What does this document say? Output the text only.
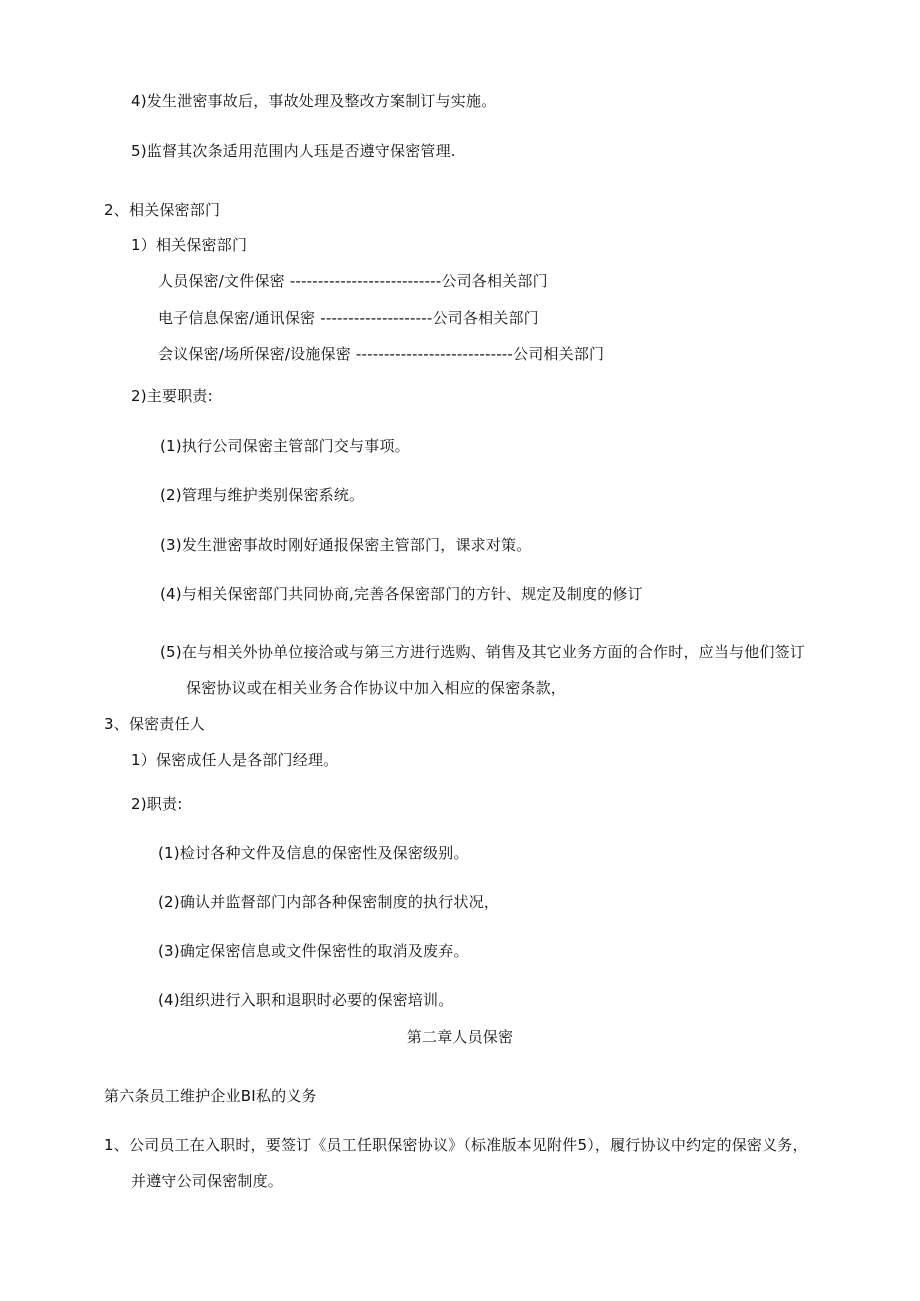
4)发生泄密事故后，事故处理及整改方案制订与实施。
5)监督其次条适用范围内人珏是否遵守保密管理.
2、相关保密部门
1）相关保密部门
人员保密/文件保密 ---------------------------公司各相关部门
电子信息保密/通讯保密 --------------------公司各相关部门
会议保密/场所保密/设施保密 ----------------------------公司相关部门
2)主要职责:
(1)执行公司保密主管部门交与事项。
(2)管理与维护类别保密系统。
(3)发生泄密事故时刚好通报保密主管部门，课求对策。
(4)与相关保密部门共同协商,完善各保密部门的方针、规定及制度的修订
(5)在与相关外协单位接洽或与第三方进行选购、销售及其它业务方面的合作时，应当与他们签订
保密协议或在相关业务合作协议中加入相应的保密条款，
3、保密责任人
1）保密成任人是各部门经理。
2)职责:
(1)检讨各种文件及信息的保密性及保密级别。
(2)确认并监督部门内部各种保密制度的执行状况，
(3)确定保密信息或文件保密性的取消及废弃。
(4)组织进行入职和退职时必要的保密培训。
第二章人员保密
第六条员工维护企业BI私的义务
1、公司员工在入职时，要签订《员工任职保密协议》（标准版本见附件5），履行协议中约定的保密义务，
并遵守公司保密制度。
